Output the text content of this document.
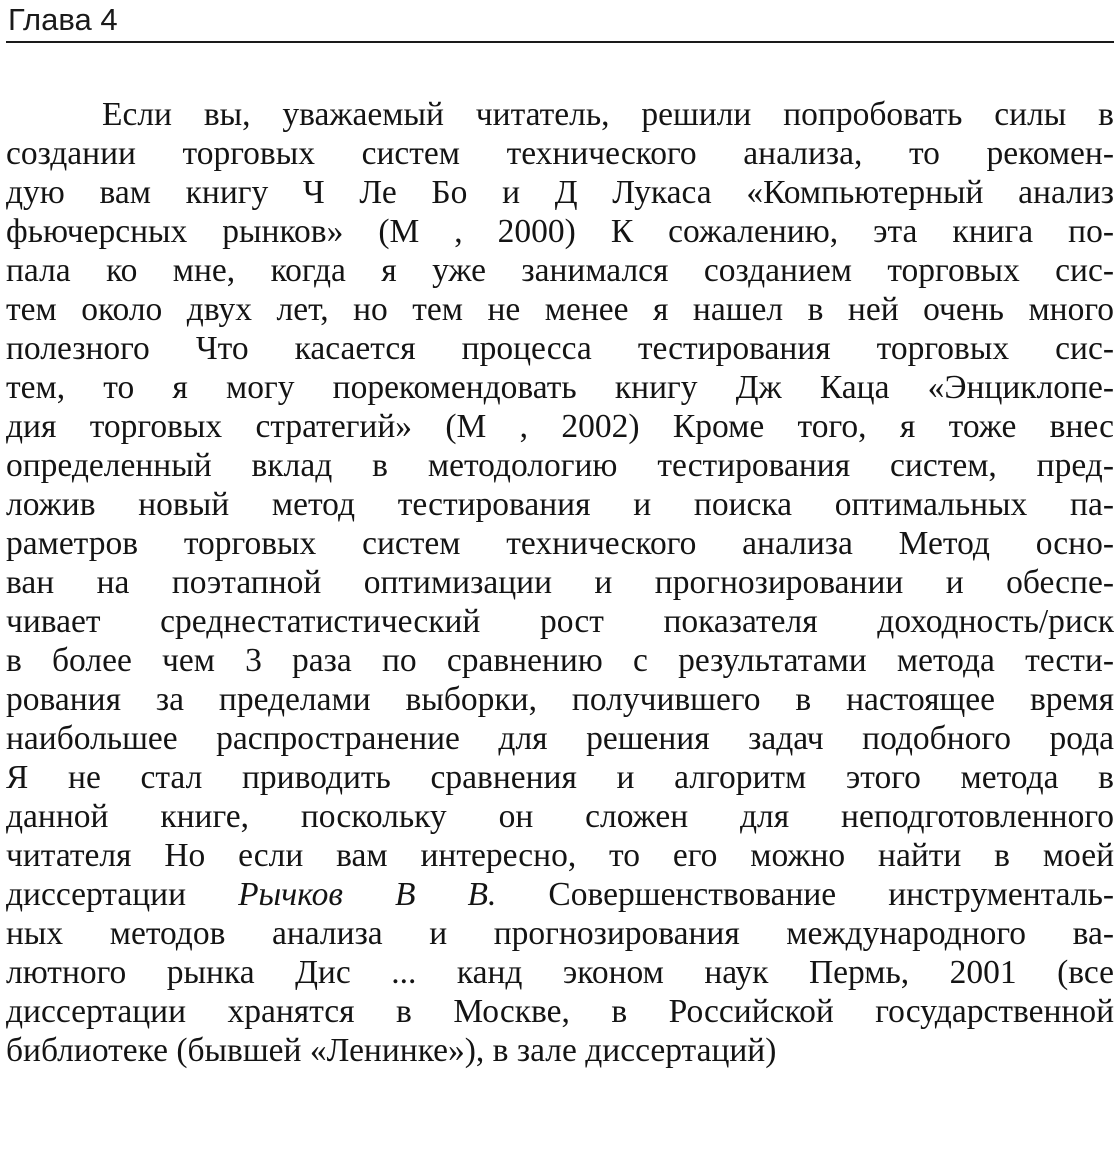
Глава 4
Если вы, уважаемый читатель, решили попробовать силы в
создании торговых систем технического анализа, то рекомен-
дую вам книгу Ч Ле Бо и Д Лукаса «Компьютерный анализ
фьючерсных рынков» (М , 2000) К сожалению, эта книга по-
пала ко мне, когда я уже занимался созданием торговых сис-
тем около двух лет, но тем не менее я нашел в ней очень много
полезного Что касается процесса тестирования торговых сис-
тем, то я могу порекомендовать книгу Дж Каца «Энциклопе-
дия торговых стратегий» (М , 2002) Кроме того, я тоже внес
определенный вклад в методологию тестирования систем, пред-
ложив новый метод тестирования и поиска оптимальных па-
раметров торговых систем технического анализа Метод осно-
ван на поэтапной оптимизации и прогнозировании и обеспе-
чивает среднестатистический рост показателя доходность/риск
в более чем 3 раза по сравнению с результатами метода тести-
рования за пределами выборки, получившего в настоящее время
наибольшее распространение для решения задач подобного рода
Я не стал приводить сравнения и алгоритм этого метода в
данной книге, поскольку он сложен для неподготовленного
читателя Но если вам интересно, то его можно найти в моей
диссертации Рычков В В. Совершенствование инструменталь-
ных методов анализа и прогнозирования международного ва-
лютного рынка Дис ... канд эконом наук Пермь, 2001 (все
диссертации хранятся в Москве, в Российской государственной
библиотеке (бывшей «Ленинке»), в зале диссертаций)
